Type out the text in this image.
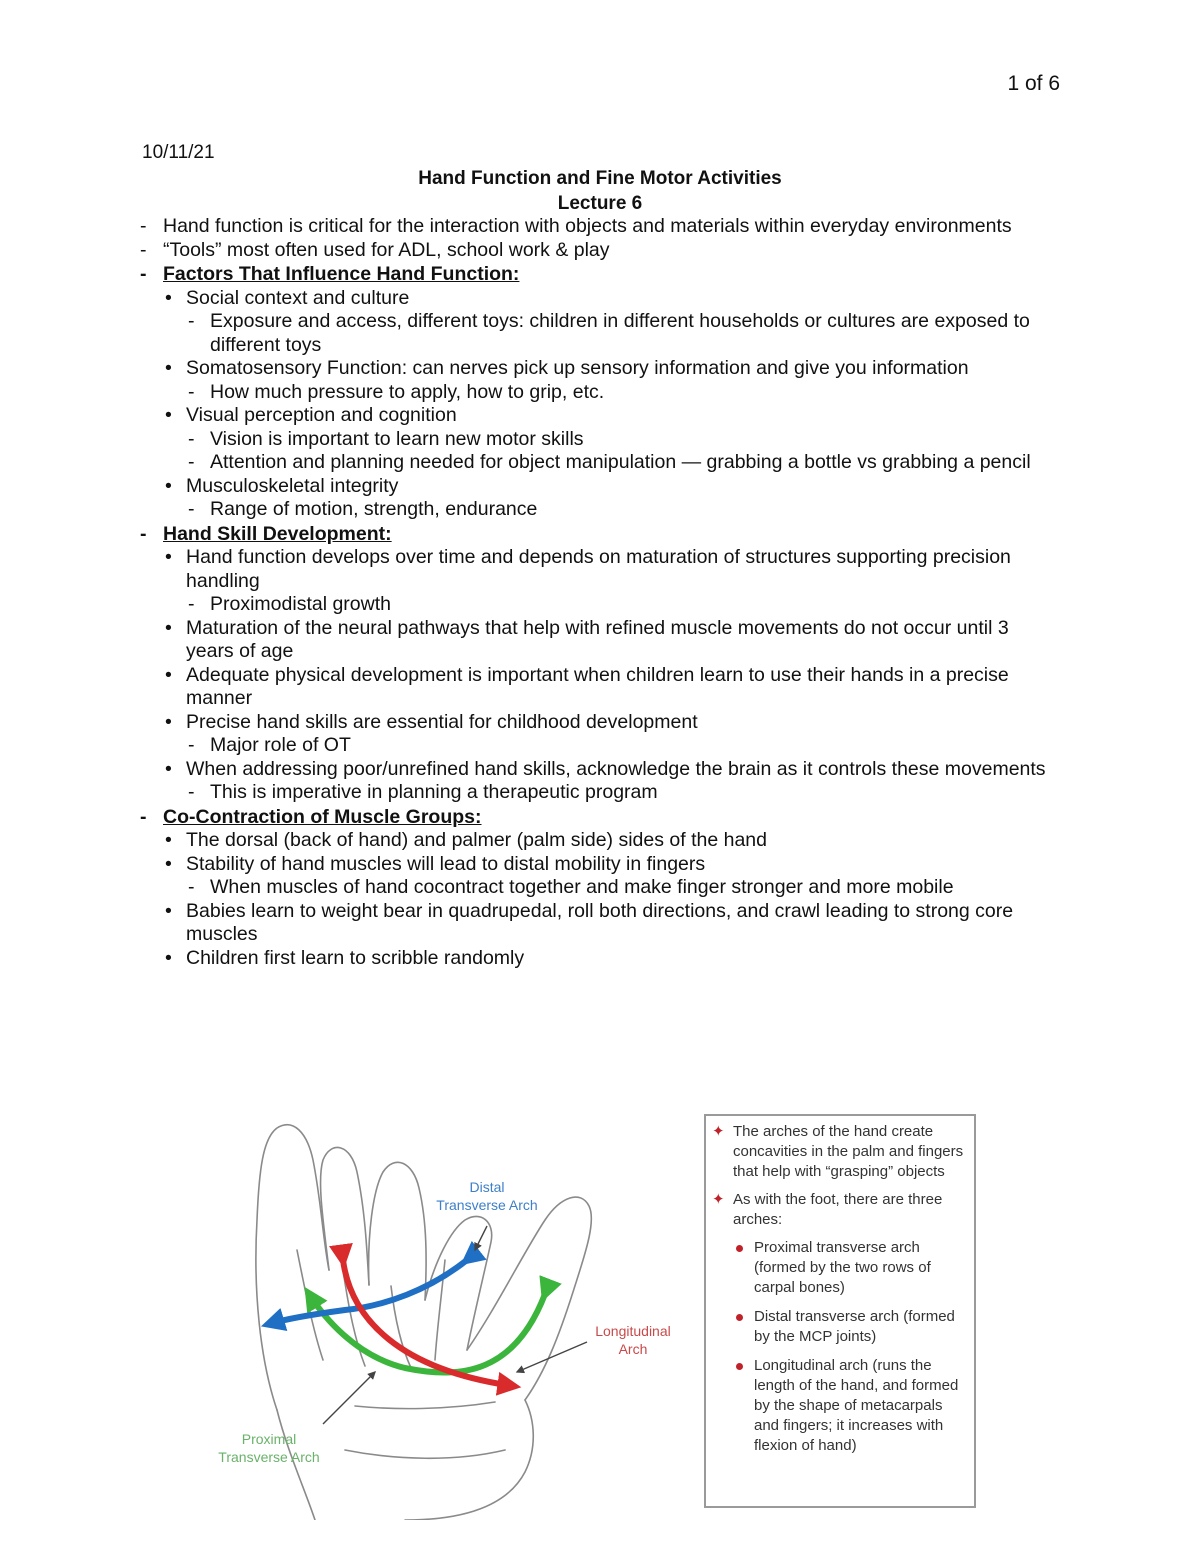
1 of 6
10/11/21
Hand Function and Fine Motor Activities
Lecture 6
- Hand function is critical for the interaction with objects and materials within everyday environments
- “Tools” most often used for ADL, school work & play
- Factors That Influence Hand Function:
• Social context and culture
- Exposure and access, different toys: children in different households or cultures are exposed to different toys
• Somatosensory Function: can nerves pick up sensory information and give you information
- How much pressure to apply, how to grip, etc.
• Visual perception and cognition
- Vision is important to learn new motor skills
- Attention and planning needed for object manipulation — grabbing a bottle vs grabbing a pencil
• Musculoskeletal integrity
- Range of motion, strength, endurance
- Hand Skill Development:
• Hand function develops over time and depends on maturation of structures supporting precision handling
- Proximodistal growth
• Maturation of the neural pathways that help with refined muscle movements do not occur until 3 years of age
• Adequate physical development is important when children learn to use their hands in a precise manner
• Precise hand skills are essential for childhood development
- Major role of OT
• When addressing poor/unrefined hand skills, acknowledge the brain as it controls these movements
- This is imperative in planning a therapeutic program
- Co-Contraction of Muscle Groups:
• The dorsal (back of hand) and palmer (palm side) sides of the hand
• Stability of hand muscles will lead to distal mobility in fingers
- When muscles of hand cocontract together and make finger stronger and more mobile
• Babies learn to weight bear in quadrupedal, roll both directions, and crawl leading to strong core muscles
• Children first learn to scribble randomly
Distal
Transverse Arch
Longitudinal
Arch
Proximal
Transverse Arch
✦ The arches of the hand create concavities in the palm and fingers that help with “grasping” objects
✦ As with the foot, there are three arches:
Proximal transverse arch (formed by the two rows of carpal bones)
Distal transverse arch (formed by the MCP joints)
Longitudinal arch (runs the length of the hand, and formed by the shape of metacarpals and fingers; it increases with flexion of hand)
